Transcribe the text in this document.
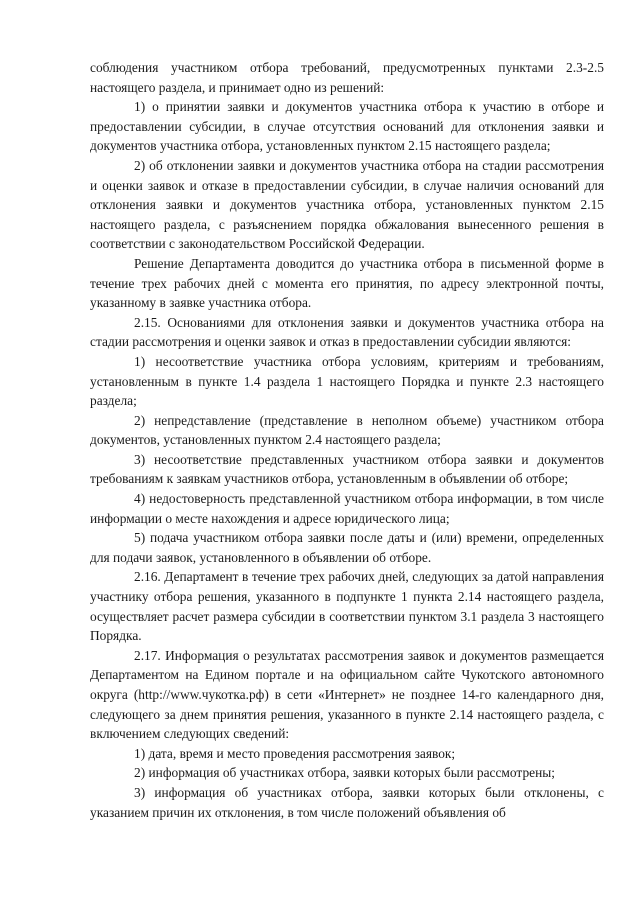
соблюдения участником отбора требований, предусмотренных пунктами 2.3-2.5 настоящего раздела, и принимает одно из решений:

1) о принятии заявки и документов участника отбора к участию в отборе и предоставлении субсидии, в случае отсутствия оснований для отклонения заявки и документов участника отбора, установленных пунктом 2.15 настоящего раздела;

2) об отклонении заявки и документов участника отбора на стадии рассмотрения и оценки заявок и отказе в предоставлении субсидии, в случае наличия оснований для отклонения заявки и документов участника отбора, установленных пунктом 2.15 настоящего раздела, с разъяснением порядка обжалования вынесенного решения в соответствии с законодательством Российской Федерации.

Решение Департамента доводится до участника отбора в письменной форме в течение трех рабочих дней с момента его принятия, по адресу электронной почты, указанному в заявке участника отбора.

2.15. Основаниями для отклонения заявки и документов участника отбора на стадии рассмотрения и оценки заявок и отказ в предоставлении субсидии являются:

1) несоответствие участника отбора условиям, критериям и требованиям, установленным в пункте 1.4 раздела 1 настоящего Порядка и пункте 2.3 настоящего раздела;

2) непредставление (представление в неполном объеме) участником отбора документов, установленных пунктом 2.4 настоящего раздела;

3) несоответствие представленных участником отбора заявки и документов требованиям к заявкам участников отбора, установленным в объявлении об отборе;

4) недостоверность представленной участником отбора информации, в том числе информации о месте нахождения и адресе юридического лица;

5) подача участником отбора заявки после даты и (или) времени, определенных для подачи заявок, установленного в объявлении об отборе.

2.16. Департамент в течение трех рабочих дней, следующих за датой направления участнику отбора решения, указанного в подпункте 1 пункта 2.14 настоящего раздела, осуществляет расчет размера субсидии в соответствии пунктом 3.1 раздела 3 настоящего Порядка.

2.17. Информация о результатах рассмотрения заявок и документов размещается Департаментом на Едином портале и на официальном сайте Чукотского автономного округа (http://www.чукотка.рф) в сети «Интернет» не позднее 14-го календарного дня, следующего за днем принятия решения, указанного в пункте 2.14 настоящего раздела, с включением следующих сведений:

1) дата, время и место проведения рассмотрения заявок;

2) информация об участниках отбора, заявки которых были рассмотрены;

3) информация об участниках отбора, заявки которых были отклонены, с указанием причин их отклонения, в том числе положений объявления об
